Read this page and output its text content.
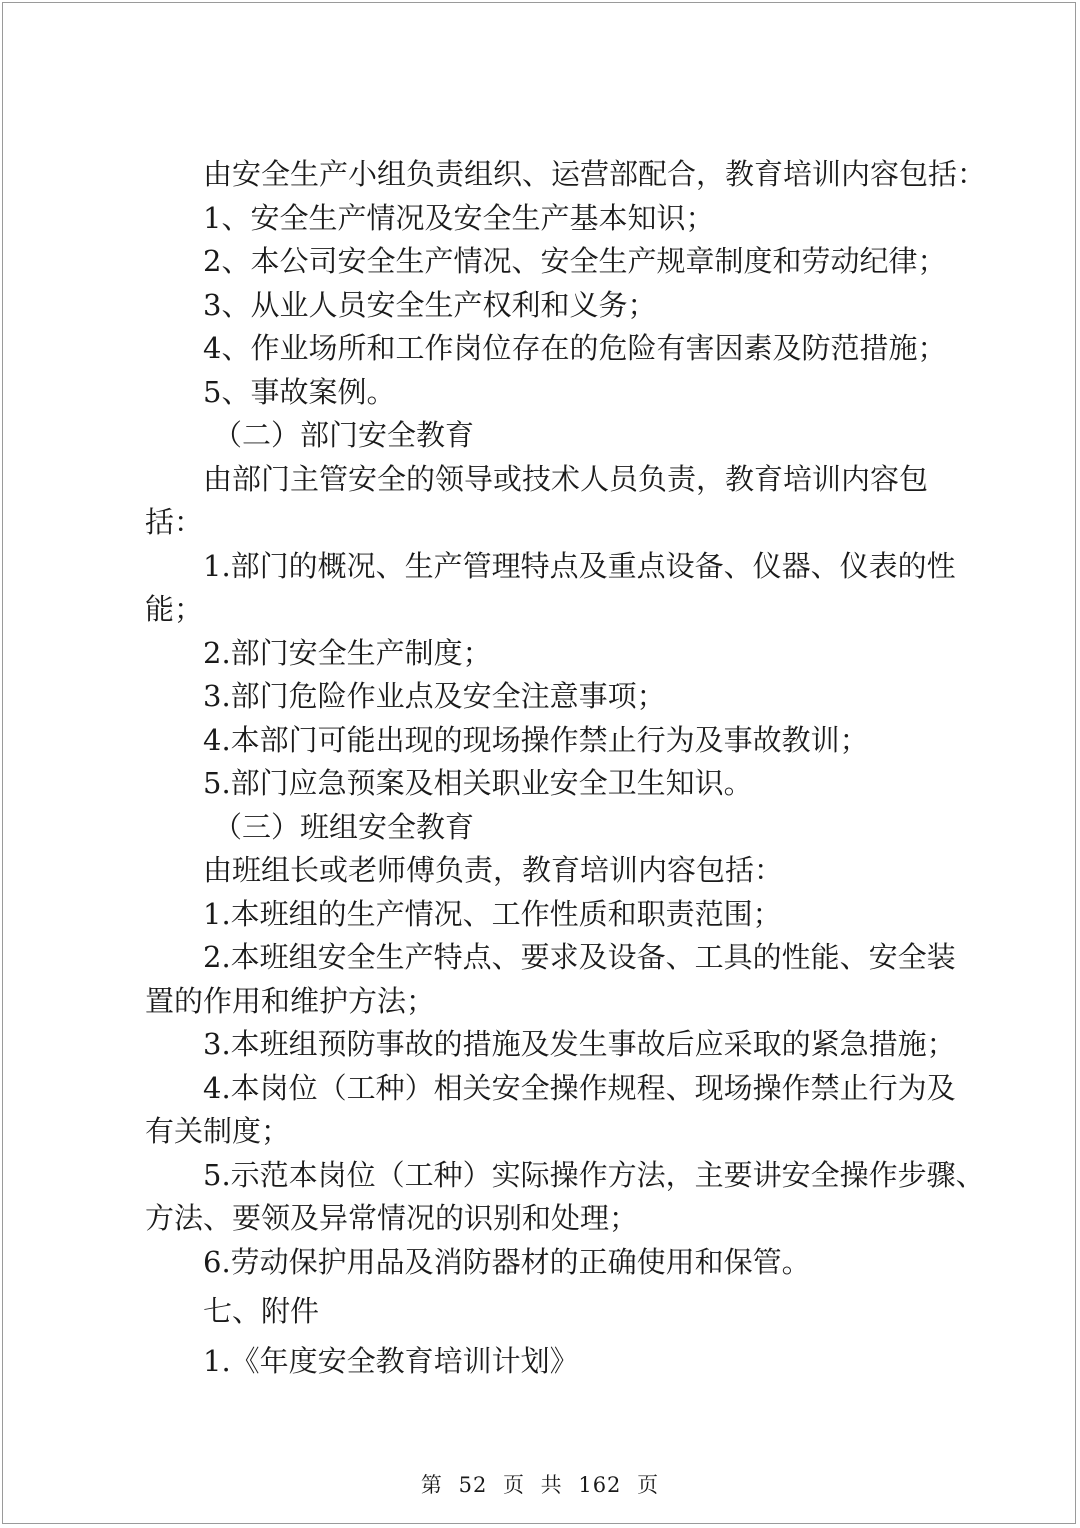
由安全生产小组负责组织、运营部配合，教育培训内容包括：
1、安全生产情况及安全生产基本知识；
2、本公司安全生产情况、安全生产规章制度和劳动纪律；
3、从业人员安全生产权利和义务；
4、作业场所和工作岗位存在的危险有害因素及防范措施；
5、事故案例。
（二）部门安全教育
由部门主管安全的领导或技术人员负责，教育培训内容包
括：
1.部门的概况、生产管理特点及重点设备、仪器、仪表的性
能；
2.部门安全生产制度；
3.部门危险作业点及安全注意事项；
4.本部门可能出现的现场操作禁止行为及事故教训；
5.部门应急预案及相关职业安全卫生知识。
（三）班组安全教育
由班组长或老师傅负责，教育培训内容包括：
1.本班组的生产情况、工作性质和职责范围；
2.本班组安全生产特点、要求及设备、工具的性能、安全装
置的作用和维护方法；
3.本班组预防事故的措施及发生事故后应采取的紧急措施；
4.本岗位（工种）相关安全操作规程、现场操作禁止行为及
有关制度；
5.示范本岗位（工种）实际操作方法，主要讲安全操作步骤、
方法、要领及异常情况的识别和处理；
6.劳动保护用品及消防器材的正确使用和保管。
七、附件
1.《年度安全教育培训计划》
第 52 页 共 162 页
